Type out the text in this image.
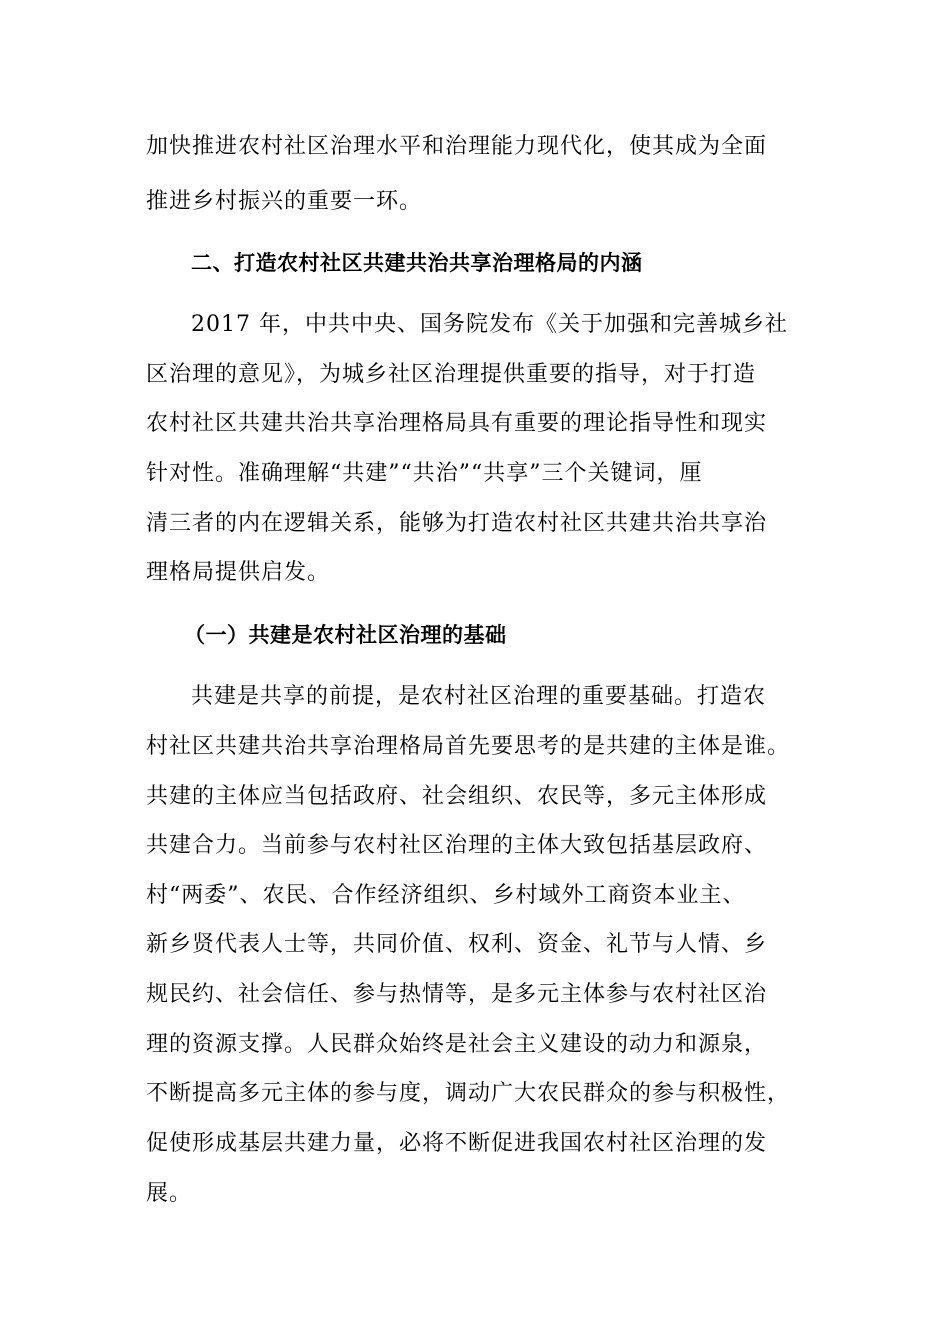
加快推进农村社区治理水平和治理能力现代化，使其成为全面
推进乡村振兴的重要一环。
二、打造农村社区共建共治共享治理格局的内涵
2017 年，中共中央、国务院发布《关于加强和完善城乡社
区治理的意见》，为城乡社区治理提供重要的指导，对于打造
农村社区共建共治共享治理格局具有重要的理论指导性和现实
针对性。准确理解“共建”“共治”“共享”三个关键词，厘
清三者的内在逻辑关系，能够为打造农村社区共建共治共享治
理格局提供启发。
（一）共建是农村社区治理的基础
共建是共享的前提，是农村社区治理的重要基础。打造农
村社区共建共治共享治理格局首先要思考的是共建的主体是谁。
共建的主体应当包括政府、社会组织、农民等，多元主体形成
共建合力。当前参与农村社区治理的主体大致包括基层政府、
村“两委”、农民、合作经济组织、乡村域外工商资本业主、
新乡贤代表人士等，共同价值、权利、资金、礼节与人情、乡
规民约、社会信任、参与热情等，是多元主体参与农村社区治
理的资源支撑。人民群众始终是社会主义建设的动力和源泉，
不断提高多元主体的参与度，调动广大农民群众的参与积极性，
促使形成基层共建力量，必将不断促进我国农村社区治理的发
展。
